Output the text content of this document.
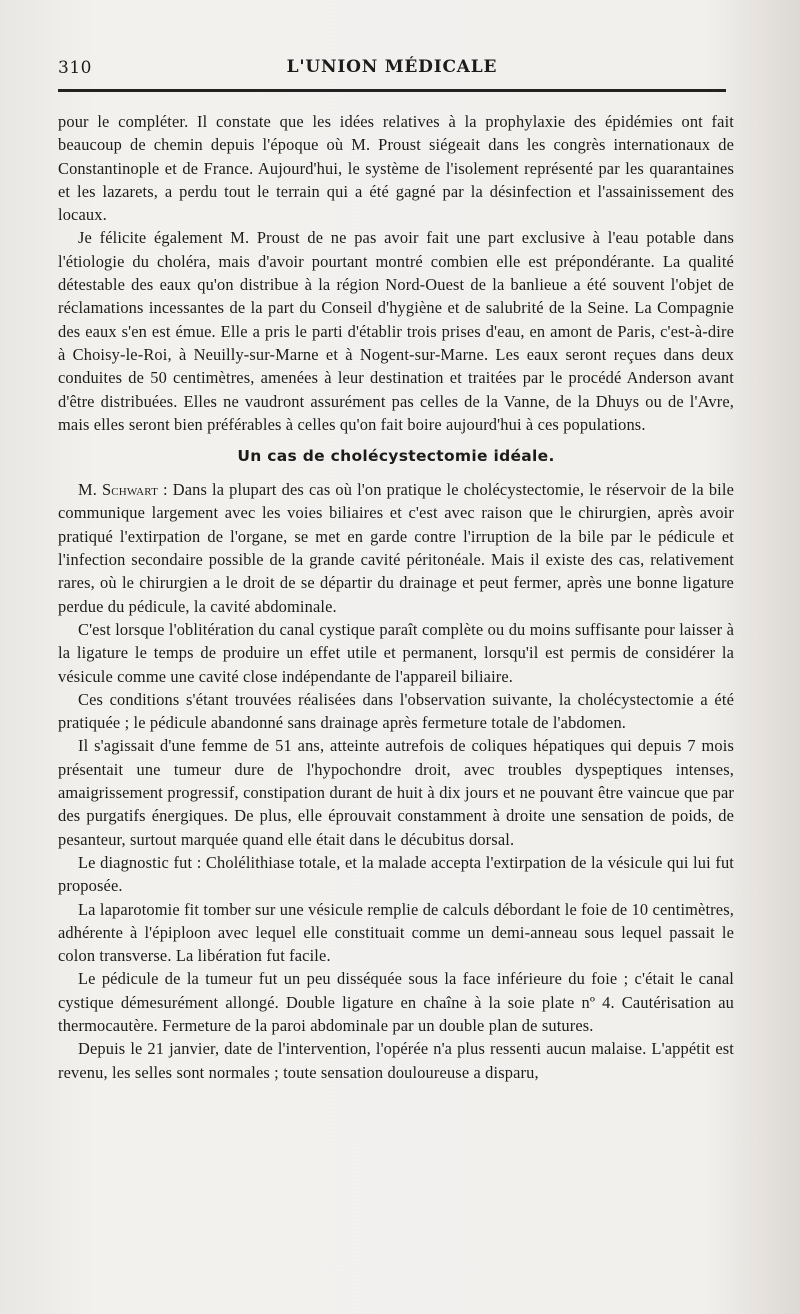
310	L'UNION MÉDICALE

pour le compléter. Il constate que les idées relatives à la prophylaxie des épidémies ont fait beaucoup de chemin depuis l'époque où M. Proust siégeait dans les congrès internationaux de Constantinople et de France. Aujourd'hui, le système de l'isolement représenté par les quarantaines et les lazarets, a perdu tout le terrain qui a été gagné par la désinfection et l'assainissement des locaux.

Je félicite également M. Proust de ne pas avoir fait une part exclusive à l'eau potable dans l'étiologie du choléra, mais d'avoir pourtant montré combien elle est prépondérante. La qualité détestable des eaux qu'on distribue à la région Nord-Ouest de la banlieue a été souvent l'objet de réclamations incessantes de la part du Conseil d'hygiène et de salubrité de la Seine. La Compagnie des eaux s'en est émue. Elle a pris le parti d'établir trois prises d'eau, en amont de Paris, c'est-à-dire à Choisy-le-Roi, à Neuilly-sur-Marne et à Nogent-sur-Marne. Les eaux seront reçues dans deux conduites de 50 centimètres, amenées à leur destination et traitées par le procédé Anderson avant d'être distribuées. Elles ne vaudront assurément pas celles de la Vanne, de la Dhuys ou de l'Avre, mais elles seront bien préférables à celles qu'on fait boire aujourd'hui à ces populations.

Un cas de cholécystectomie idéale.

M. Schwart : Dans la plupart des cas où l'on pratique le cholécystectomie, le réservoir de la bile communique largement avec les voies biliaires et c'est avec raison que le chirurgien, après avoir pratiqué l'extirpation de l'organe, se met en garde contre l'irruption de la bile par le pédicule et l'infection secondaire possible de la grande cavité péritonéale. Mais il existe des cas, relativement rares, où le chirurgien a le droit de se départir du drainage et peut fermer, après une bonne ligature perdue du pédicule, la cavité abdominale.

C'est lorsque l'oblitération du canal cystique paraît complète ou du moins suffisante pour laisser à la ligature le temps de produire un effet utile et permanent, lorsqu'il est permis de considérer la vésicule comme une cavité close indépendante de l'appareil biliaire.

Ces conditions s'étant trouvées réalisées dans l'observation suivante, la cholécystectomie a été pratiquée ; le pédicule abandonné sans drainage après fermeture totale de l'abdomen.

Il s'agissait d'une femme de 51 ans, atteinte autrefois de coliques hépatiques qui depuis 7 mois présentait une tumeur dure de l'hypochondre droit, avec troubles dyspeptiques intenses, amaigrissement progressif, constipation durant de huit à dix jours et ne pouvant être vaincue que par des purgatifs énergiques. De plus, elle éprouvait constamment à droite une sensation de poids, de pesanteur, surtout marquée quand elle était dans le décubitus dorsal.

Le diagnostic fut : Cholélithiase totale, et la malade accepta l'extirpation de la vésicule qui lui fut proposée.

La laparotomie fit tomber sur une vésicule remplie de calculs débordant le foie de 10 centimètres, adhérente à l'épiploon avec lequel elle constituait comme un demi-anneau sous lequel passait le colon transverse. La libération fut facile.

Le pédicule de la tumeur fut un peu disséquée sous la face inférieure du foie ; c'était le canal cystique démesurément allongé. Double ligature en chaîne à la soie plate nº 4. Cautérisation au thermocautère. Fermeture de la paroi abdominale par un double plan de sutures.

Depuis le 21 janvier, date de l'intervention, l'opérée n'a plus ressenti aucun malaise. L'appétit est revenu, les selles sont normales ; toute sensation douloureuse a disparu,
